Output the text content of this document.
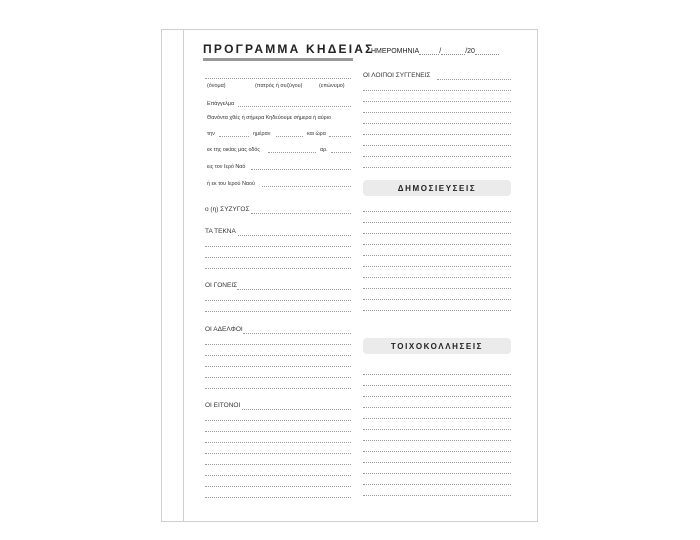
ΠΡΟΓΡΑΜΜΑ ΚΗΔΕΙΑΣ
ΗΜΕΡΟΜΗΝΙΑ	/	/20
(όνομα)	(πατρός ή συζύγου)	(επώνυμο)
Επάγγελμα
Θανόντα χθές ή σήμερα Κηδεύουμε σήμερα ή αύριο
την	ημέραν	και ώρα
εκ της οικίας μας οδός	αρ.
εις τον Ιερό Ναό
ή εκ του Ιερού Ναού
ο (η) ΣΥΖΥΓΟΣ
ΤΑ ΤΕΚΝΑ
ΟΙ ΓΟΝΕΙΣ
ΟΙ ΑΔΕΛΦΟΙ
ΟΙ ΕΙΤΟΝΟΙ
ΟΙ ΛΟΙΠΟΙ ΣΥΓΓΕΝΕΙΣ
ΔΗΜΟΣΙΕΥΣΕΙΣ
ΤΟΙΧΟΚΟΛΛΗΣΕΙΣ
